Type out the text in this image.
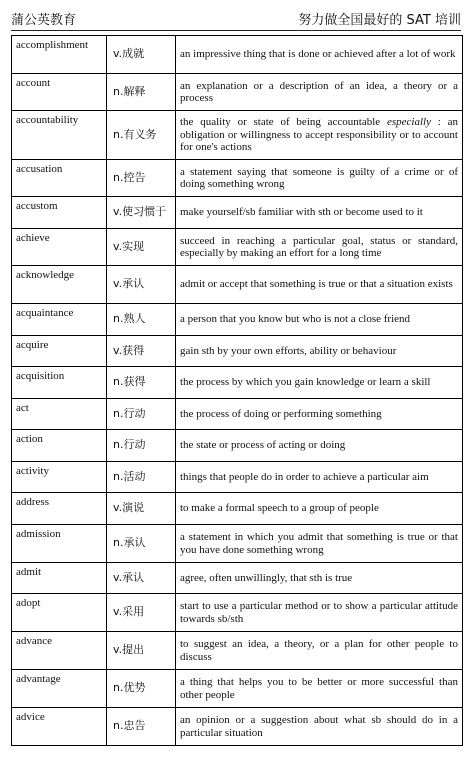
蒲公英教育	努力做全国最好的 SAT 培训
accomplishment	v.成就	an impressive thing that is done or achieved after a lot of work
account	n.解释	an explanation or a description of an idea, a theory or a process
accountability	n.有义务	the quality or state of being accountable especially : an obligation or willingness to accept responsibility or to account for one's actions
accusation	n.控告	a statement saying that someone is guilty of a crime or of doing something wrong
accustom	v.使习惯于	make yourself/sb familiar with sth or become used to it
achieve	v.实现	succeed in reaching a particular goal, status or standard, especially by making an effort for a long time
acknowledge	v.承认	admit or accept that something is true or that a situation exists
acquaintance	n.熟人	a person that you know but who is not a close friend
acquire	v.获得	gain sth by your own efforts, ability or behaviour
acquisition	n.获得	the process by which you gain knowledge or learn a skill
act	n.行动	the process of doing or performing something
action	n.行动	the state or process of acting or doing
activity	n.活动	things that people do in order to achieve a particular aim
address	v.演说	to make a formal speech to a group of people
admission	n.承认	a statement in which you admit that something is true or that you have done something wrong
admit	v.承认	agree, often unwillingly, that sth is true
adopt	v.采用	start to use a particular method or to show a particular attitude towards sb/sth
advance	v.提出	to suggest an idea, a theory, or a plan for other people to discuss
advantage	n.优势	a thing that helps you to be better or more successful than other people
advice	n.忠告	an opinion or a suggestion about what sb should do in a particular situation
